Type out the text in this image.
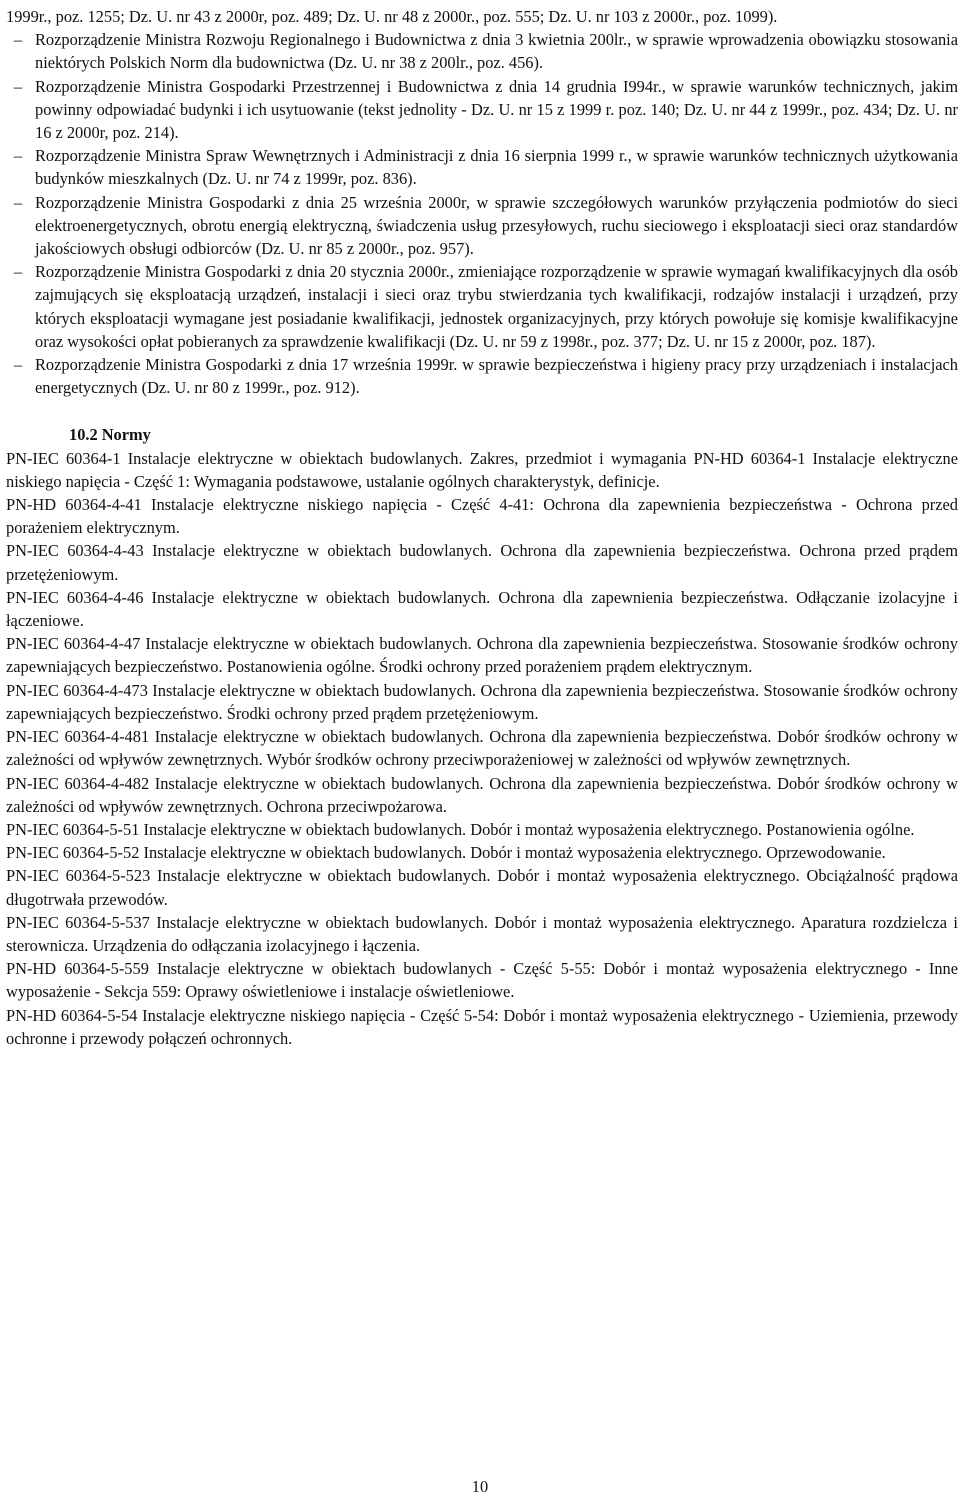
1999r., poz. 1255; Dz. U. nr 43 z 2000r, poz. 489; Dz. U. nr 48 z 2000r., poz. 555; Dz. U. nr 103 z 2000r., poz. 1099).

– Rozporządzenie Ministra Rozwoju Regionalnego i Budownictwa z dnia 3 kwietnia 200lr., w sprawie wprowadzenia obowiązku stosowania niektórych Polskich Norm dla budownictwa (Dz. U. nr 38 z 200lr., poz. 456).
– Rozporządzenie Ministra Gospodarki Przestrzennej i Budownictwa z dnia 14 grudnia I994r., w sprawie warunków technicznych, jakim powinny odpowiadać budynki i ich usytuowanie (tekst jednolity - Dz. U. nr 15 z 1999 r. poz. 140; Dz. U. nr 44 z 1999r., poz. 434; Dz. U. nr 16 z 2000r, poz. 214).
– Rozporządzenie Ministra Spraw Wewnętrznych i Administracji z dnia 16 sierpnia 1999 r., w sprawie warunków technicznych użytkowania budynków mieszkalnych (Dz. U. nr 74 z 1999r, poz. 836).
– Rozporządzenie Ministra Gospodarki z dnia 25 września 2000r, w sprawie szczegółowych warunków przyłączenia podmiotów do sieci elektroenergetycznych, obrotu energią elektryczną, świadczenia usług przesyłowych, ruchu sieciowego i eksploatacji sieci oraz standardów jakościowych obsługi odbiorców (Dz. U. nr 85 z 2000r., poz. 957).
– Rozporządzenie Ministra Gospodarki z dnia 20 stycznia 2000r., zmieniające rozporządzenie w sprawie wymagań kwalifikacyjnych dla osób zajmujących się eksploatacją urządzeń, instalacji i sieci oraz trybu stwierdzania tych kwalifikacji, rodzajów instalacji i urządzeń, przy których eksploatacji wymagane jest posiadanie kwalifikacji, jednostek organizacyjnych, przy których powołuje się komisje kwalifikacyjne oraz wysokości opłat pobieranych za sprawdzenie kwalifikacji (Dz. U. nr 59 z 1998r., poz. 377; Dz. U. nr 15 z 2000r, poz. 187).
– Rozporządzenie Ministra Gospodarki z dnia 17 września 1999r. w sprawie bezpieczeństwa i higieny pracy przy urządzeniach i instalacjach energetycznych (Dz. U. nr 80 z 1999r., poz. 912).
10.2 Normy

PN-IEC 60364-1 Instalacje elektryczne w obiektach budowlanych. Zakres, przedmiot i wymagania PN-HD 60364-1 Instalacje elektryczne niskiego napięcia - Część 1: Wymagania podstawowe, ustalanie ogólnych charakterystyk, definicje.

PN-HD 60364-4-41 Instalacje elektryczne niskiego napięcia - Część 4-41: Ochrona dla zapewnienia bezpieczeństwa - Ochrona przed porażeniem elektrycznym.

PN-IEC 60364-4-43 Instalacje elektryczne w obiektach budowlanych. Ochrona dla zapewnienia bezpieczeństwa. Ochrona przed prądem przetężeniowym.

PN-IEC 60364-4-46 Instalacje elektryczne w obiektach budowlanych. Ochrona dla zapewnienia bezpieczeństwa. Odłączanie izolacyjne i łączeniowe.

PN-IEC 60364-4-47 Instalacje elektryczne w obiektach budowlanych. Ochrona dla zapewnienia bezpieczeństwa. Stosowanie środków ochrony zapewniających bezpieczeństwo. Postanowienia ogólne. Środki ochrony przed porażeniem prądem elektrycznym.

PN-IEC 60364-4-473 Instalacje elektryczne w obiektach budowlanych. Ochrona dla zapewnienia bezpieczeństwa. Stosowanie środków ochrony zapewniających bezpieczeństwo. Środki ochrony przed prądem przetężeniowym.

PN-IEC 60364-4-481 Instalacje elektryczne w obiektach budowlanych. Ochrona dla zapewnienia bezpieczeństwa. Dobór środków ochrony w zależności od wpływów zewnętrznych. Wybór środków ochrony przeciwporażeniowej w zależności od wpływów zewnętrznych.

PN-IEC 60364-4-482 Instalacje elektryczne w obiektach budowlanych. Ochrona dla zapewnienia bezpieczeństwa. Dobór środków ochrony w zależności od wpływów zewnętrznych. Ochrona przeciwpożarowa.

PN-IEC 60364-5-51 Instalacje elektryczne w obiektach budowlanych. Dobór i montaż wyposażenia elektrycznego. Postanowienia ogólne.

PN-IEC 60364-5-52 Instalacje elektryczne w obiektach budowlanych. Dobór i montaż wyposażenia elektrycznego. Oprzewodowanie.

PN-IEC 60364-5-523 Instalacje elektryczne w obiektach budowlanych. Dobór i montaż wyposażenia elektrycznego. Obciążalność prądowa długotrwała przewodów.

PN-IEC 60364-5-537 Instalacje elektryczne w obiektach budowlanych. Dobór i montaż wyposażenia elektrycznego. Aparatura rozdzielcza i sterownicza. Urządzenia do odłączania izolacyjnego i łączenia.

PN-HD 60364-5-559 Instalacje elektryczne w obiektach budowlanych - Część 5-55: Dobór i montaż wyposażenia elektrycznego - Inne wyposażenie - Sekcja 559: Oprawy oświetleniowe i instalacje oświetleniowe.

PN-HD 60364-5-54 Instalacje elektryczne niskiego napięcia - Część 5-54: Dobór i montaż wyposażenia elektrycznego - Uziemienia, przewody ochronne i przewody połączeń ochronnych.

10
